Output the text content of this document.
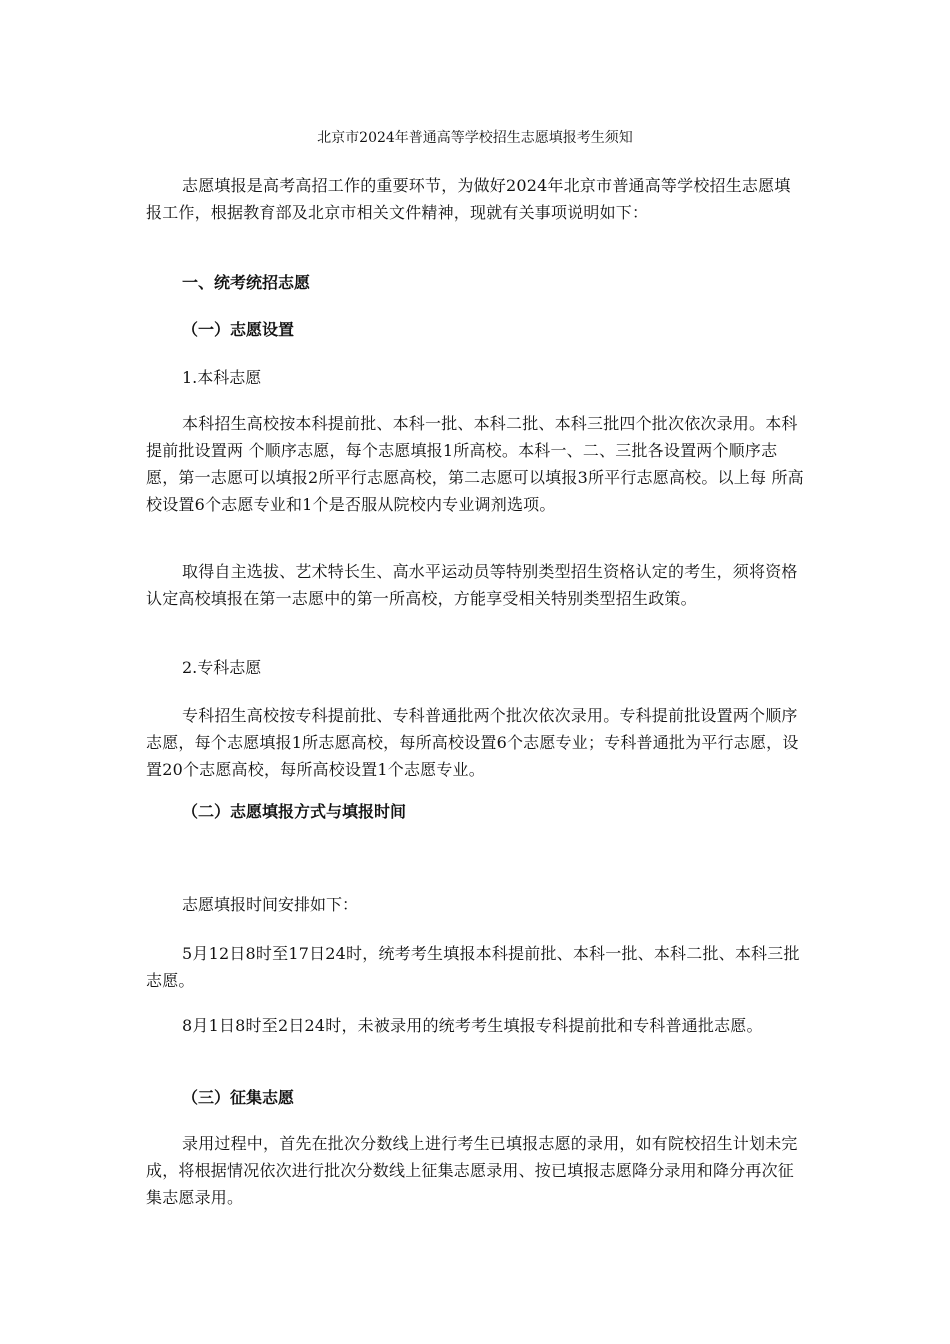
北京市2024年普通高等学校招生志愿填报考生须知

志愿填报是高考高招工作的重要环节，为做好2024年北京市普通高等学校招生志愿填报工作，根据教育部及北京市相关文件精神，现就有关事项说明如下：

一、统考统招志愿
（一）志愿设置
1.本科志愿

本科招生高校按本科提前批、本科一批、本科二批、本科三批四个批次依次录用。本科提前批设置两 个顺序志愿，每个志愿填报1所高校。本科一、二、三批各设置两个顺序志愿，第一志愿可以填报2所平行志愿高校，第二志愿可以填报3所平行志愿高校。以上每 所高校设置6个志愿专业和1个是否服从院校内专业调剂选项。

取得自主选拔、艺术特长生、高水平运动员等特别类型招生资格认定的考生，须将资格认定高校填报在第一志愿中的第一所高校，方能享受相关特别类型招生政策。

2.专科志愿

专科招生高校按专科提前批、专科普通批两个批次依次录用。专科提前批设置两个顺序志愿，每个志愿填报1所志愿高校，每所高校设置6个志愿专业；专科普通批为平行志愿，设置20个志愿高校，每所高校设置1个志愿专业。

（二）志愿填报方式与填报时间
志愿填报时间安排如下：

5月12日8时至17日24时，统考考生填报本科提前批、本科一批、本科二批、本科三批志愿。

8月1日8时至2日24时，未被录用的统考考生填报专科提前批和专科普通批志愿。

（三）征集志愿

录用过程中，首先在批次分数线上进行考生已填报志愿的录用，如有院校招生计划未完成，将根据情况依次进行批次分数线上征集志愿录用、按已填报志愿降分录用和降分再次征集志愿录用。
